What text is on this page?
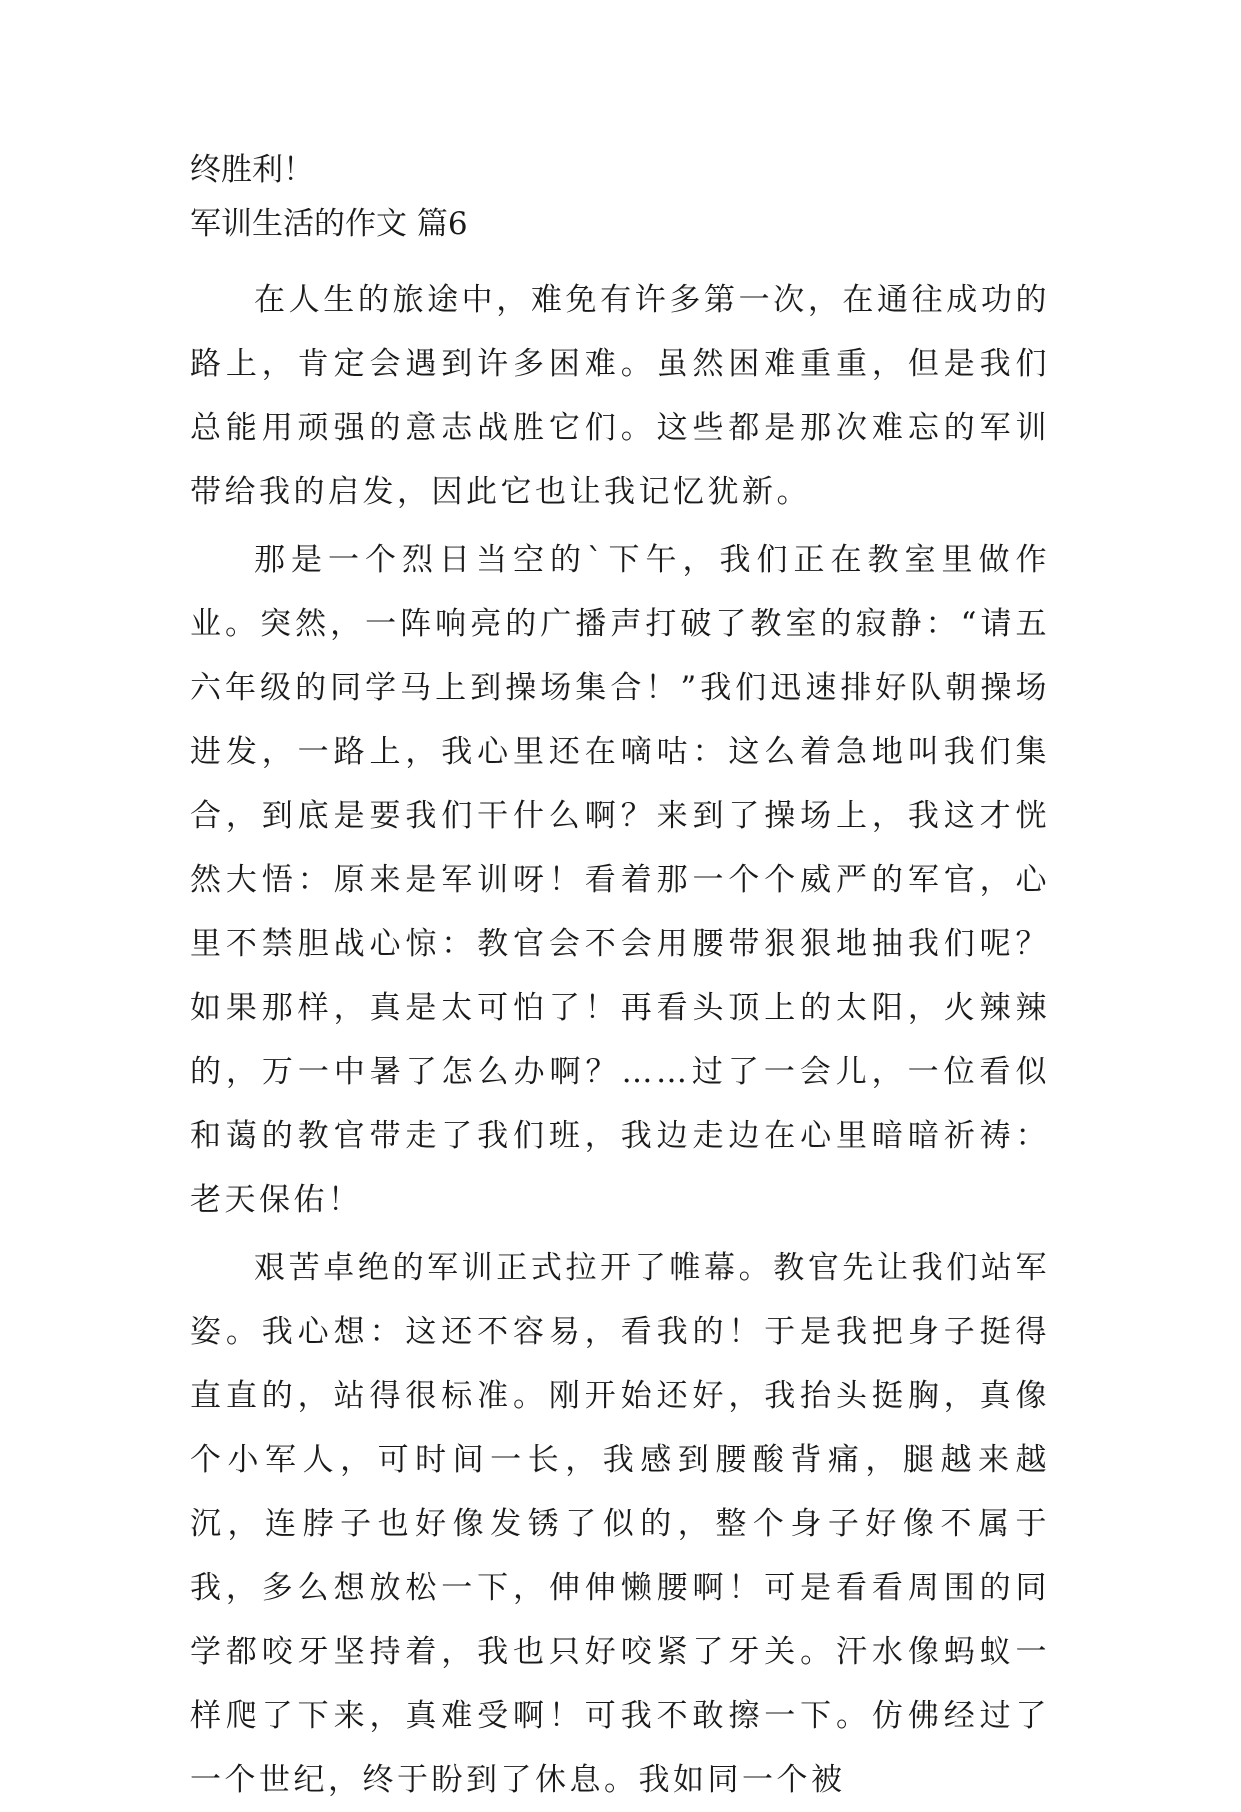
终胜利！

军训生活的作文 篇6

在人生的旅途中，难免有许多第一次，在通往成功的路上，肯定会遇到许多困难。虽然困难重重，但是我们总能用顽强的意志战胜它们。这些都是那次难忘的军训带给我的启发，因此它也让我记忆犹新。

那是一个烈日当空的`下午，我们正在教室里做作业。突然，一阵响亮的广播声打破了教室的寂静：“请五六年级的同学马上到操场集合！”我们迅速排好队朝操场进发，一路上，我心里还在嘀咕：这么着急地叫我们集合，到底是要我们干什么啊？来到了操场上，我这才恍然大悟：原来是军训呀！看着那一个个威严的军官，心里不禁胆战心惊：教官会不会用腰带狠狠地抽我们呢？如果那样，真是太可怕了！再看头顶上的太阳，火辣辣的，万一中暑了怎么办啊？……过了一会儿，一位看似和蔼的教官带走了我们班，我边走边在心里暗暗祈祷：老天保佑！

艰苦卓绝的军训正式拉开了帷幕。教官先让我们站军姿。我心想：这还不容易，看我的！于是我把身子挺得直直的，站得很标准。刚开始还好，我抬头挺胸，真像个小军人，可时间一长，我感到腰酸背痛，腿越来越沉，连脖子也好像发锈了似的，整个身子好像不属于我，多么想放松一下，伸伸懒腰啊！可是看看周围的同学都咬牙坚持着，我也只好咬紧了牙关。汗水像蚂蚁一样爬了下来，真难受啊！可我不敢擦一下。仿佛经过了一个世纪，终于盼到了休息。我如同一个被
